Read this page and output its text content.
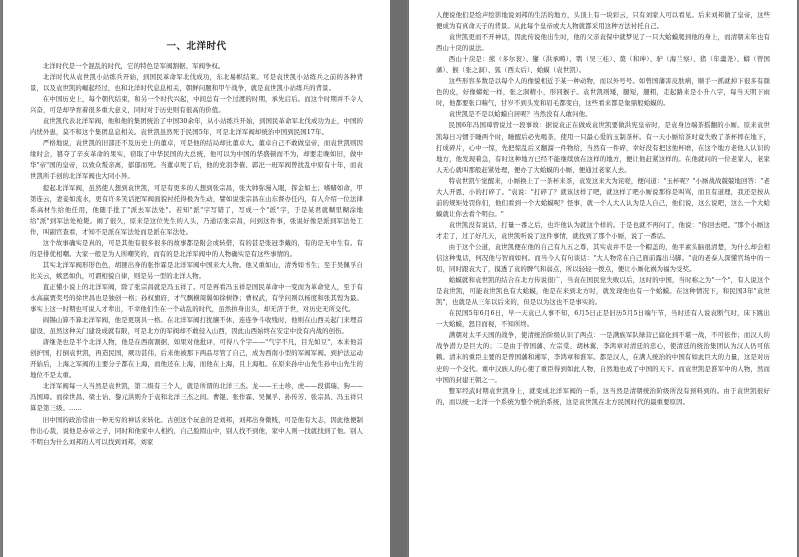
一、北洋时代

北洋时代是一个混乱的时代，它的特色是军阀割据、军阀争权。

北洋时代从袁世凯小站练兵开始，到国民革命军北伐成功，东北易帜结束。可是袁世凯小站练兵之前的各种背景，以及袁世凯的崛起经过，也和北洋时代息息相关，朝鲜问题和甲午战争，就是袁世凯小站练兵的背景。

在中国历史上，每个朝代结束，和另一个时代兴起，中间总有一个过渡的时期，承先启后。而这个时期并不令人兴奋，可是却孕育着很多重大意义，同时对于历史则有很高的价值。

袁世凯代表北洋军阀，他和他的集团统治了中国30余年，从小站练兵开始，到国民革命军北伐成功为止，中国的内忧外患，莫不和这个集团息息相关。袁世凯虽然死于民国5年，可是北洋军阀却统治中国到民国17年。

严格地说，袁世凯的旧部还不及历史上的董卓，可是他的结局却比董卓大。董卓自己不敢做皇帝，而袁世凯则因缘时会，篡夺了辛亥革命的果实，窃取了中华民国的大总统，他可以为中国的华盛顿而不为，却要走晚如旧，做中华"帝"国的皇帝，以致众叛亲离，郁郁而死。当董卓死了后，他的党羽李傕、郭汜一班军阀曾扰乱中原有十年，而袁世凯所手创的北洋军阀也大同小异。

提起北洋军阀，虽然使人想到袁世凯，可是有更多的人想到张宗昌，张大帅弥漫入眼，挥金如土；嗜赌如命，甲第连云，妻妾如流水，更有许多笑话把军阀面貌衬托得极为生动，譬如说张宗昌在山东督办任内，有人介绍一位法律系高材生给他任用，他随手批了"派去军法处"。若知"派"字写错了，写成一个"派"字，于是某君就糊里糊涂地给"派"到军法处枪毙。闹了很久，原来是这位先生的人头，乃通话张宗昌，问到这件事，张说好像是派到军法处工作，叫副官查看，才知不是派在军法处而是派在军法处。

这个故事确实是真的，可是其他有很多很多的故事都是附会或转借，有的甚是张冠李戴的，有的是无中生有。有的是俳优相嘲。大家一般是为人所嘲笑的，而有的是北洋军阀中的人物确实是有这些事情的。

其实北洋军阀形形色色，胡匪出身的张作霖是北洋军阀中国来大人物。他又重如山，清秀如书生；至于吴佩孚自比关云，嫉恶如仇，可谓相貌自律，则是另一型的北洋人物。

直正懂小说上的北洋军阀，除了张宗昌就是冯玉祥了。可是再看冯玉祥是国民革命中一变而为革命党人，至于有永高赢贾奖号的徐世昌也是独创一格；孙权旗府，才气飘横周翼如徐树铮；曹权武，有学问则以杨度和张其锽为最。事实上这一时期也可说人才辈出，不幸他们生在一个动乱的时代，虽然拚身出头，却无济于世，对历史无所交代。

阎锡山算不算北洋军阀，他是更别具一格。在北洋军阀打扰攘不休，连连争斗收残时，他则在山西关起门来埋首建设，虽然这种关门建设成就有限，可是北方的军阀却不敢侵入山西，因此山西始终在安定中没有内战的创伤。

唐继尧也是半个北洋人物，他是在西南割据，如果对他批评，可得八个字——"气宇不凡，目光如豆"，本来他首创护国，打倒袁世凯，再造民国，厥功甚伟，后来他被那下两品尽管了自己，成为西南小型的军阀军阀。到护法运动开始后，上海之军阀的主要分子都在上海，而他还在上海，而他在上海，且上海租。在原来孙中山先生孙中山先生的地位不是太重。

北洋军阀每一人当然是袁世凯，第二级有三个人，就是所谓的北洋三杰。龙——王士珍、虎——段祺瑞、狗——冯国璋。而徐世昌、梁士诒、黎元洪则介于袁和北洋三杰之间。曹锟、张作霖、吴佩孚、孙传芳、张宗昌、冯玉祥只算是第三级。……

旧中国的政治常由一种无穷的神话来转化。古创这个玩意的是刘邦，刘邦出身微贱，可是他有大志，因此他便制作出心裁，说他是赤帝之子，同时和他家中人相约，自己脸圆山中，别人找不到他，家中人则一找就找到了他。别人不明白为什么刘邦的人可以找到刘邦，刘家

人便说他们是绘声绘影地说刘邦的生活的地方，头顶上有一块彩云，只有刘家人可以看见。后来刘邦做了皇帝，这些便成为有真命天子的背景。从此每个皇帝或大人物就都采用这种方法衬托自己。

袁世凯更而不开神话，因此传说他出生时，他的父亲袁保中就梦见了一只大蛤蟆爬到他的身上，而清朝末年也有西山十戾的说法。

西山十戾是：熊（多尔衮）、獾（洪承畴）、鹗（吴三桂）、獒（和珅）、驴（海兰察）、猪（年羹尧）、蟒（曾国藩）、猴（张之洞）、狐（西太后）、蛤蟆（袁世凯）。

这些形容多数是以每个人的像貌相近于某一种动物，而以外号号。如曾国藩害皮肤病，顺手一抓就掉下很多有颜色的皮，好像蟒蛇一样，张之洞精小，形同猴子。袁世凯则矮，腿短，腿粗，走起路来是小升八字，每当天明下雨时，他都要张口喘气，甘岁不到头发和眉毛都变白，这些看来都是象鼎般蛤蟆的。

袁世凯是不是以蛤蟆自居呢？当然没有人敢问他。

民国6年冯国璋曾说过一段事故：据说袁正在做成袁世凯要做洪宪皇帝时，是袁身边端茶摇翻的小厮。原来袁世凯每日习惯于睡两个时，睡醒后必先喝茶，使用一只最心爱的玉制茶杯。有一天小厮给茶时竟失败了茶杯摔在地下，打成碎片，心中一惊，先把惊乱后又翻溜一件物给，当然有一件碎，幸好没有把这他杯磨，在这个地方老他人认识的地方，他发现着急，有时这种地方已经不能继续放在这样的地方，便让他赶紧这样的。在他就问的一位老家人，老家人无心就叫那般赶紧处理，便办了大蛤蟆的小厮，便通过老家人去。

特袁世凯午觉醒来，小厮换上了一茶杯来茶，袁发这来大为诧嗟，便问道："玉杯呢？"小厮战战兢兢地回答："老大人开恩，小的打碎了。"袁说："打碎了？就该这样了吧，就这样了吧小厮说那你是叫骂，而且有道理，我还是按从前的规矩处罚你们，他们看到一个大蛤蟆呢？怪事，就一个人大人认为是人自己，他们说，这么说吧，这么一个大蛤蟆就让你去看个明白。"

袁世凯没有说话，打量一番之后，也许他认为就这个样的。于是也就不再问了，他说："你回去吧。"那个小厮这才走了，过了好几天，袁世凯听说了这件事情，就找到了那个小厮，说了一番话。

由于这个公道，袁世凯便在他的自己有九五之尊，其实袁并不是一个帽盖的，他平素头脑很清楚，为什么却会相信这种鬼话，何况他与智商如何。而当今人有句谈话："大人物常在自己面前露出马脚。"袁的老泰人深懂官场中的一切，同时跟袁大了，摸透了袁的脾气和弱点，所以轻轻一拨点，便让小厮化祸为福为受奖。

蛤蟆就和袁世凯的结合在北方传说很广，当袁在国民党失败以后，这时的中国，当时称之为"一个"，有人说这个是袁世凯，可能袁世凯也有大蛤蟆，他是在来到北方时，就发现他也有一个蛤蟆。在这种情况下，和民国3年"袁世凯"，也就是从三年以后来的，但是以为这也不是事实的。

在民国5年6月6日，早一天袁已人事不知，6月5日正是旧历5月5日端午节，当时还有人说袁断气时，床下跳出一大蛤蟆，怒目而视，不知所终。

满朝对太平天国的战争，使清统治阶级认识了两点：一是满族军队绿营已腐化到不堪一战，不可依作；而汉人的战争潜力是巨大的；二是由于曾国藩、左宗棠、胡林翼、李鸿章对清廷的忠心，使清廷的统治集团认为汉人仍可依赖。清末的重臣主要的是曾国藩和湘军，李鸿章和淮军。都是汉人，在满人统治的中国有如此巨大的力量，这是对历史的一个交代。重中汉族人的心使了重臣得到如此人物，自然地也成了中国的天下。而袁世凯是淮军中的人物，然而中国的封建王朝之一。

整军经武时期袁世凯身上，就变成北洋军阀的一系，这当然是清朝统治阶级所没有预料到的。由于袁世凯很好的，而以统一北洋一个系统为整个统治系统，这是袁世凯在北方民国时代的最重要原因。
